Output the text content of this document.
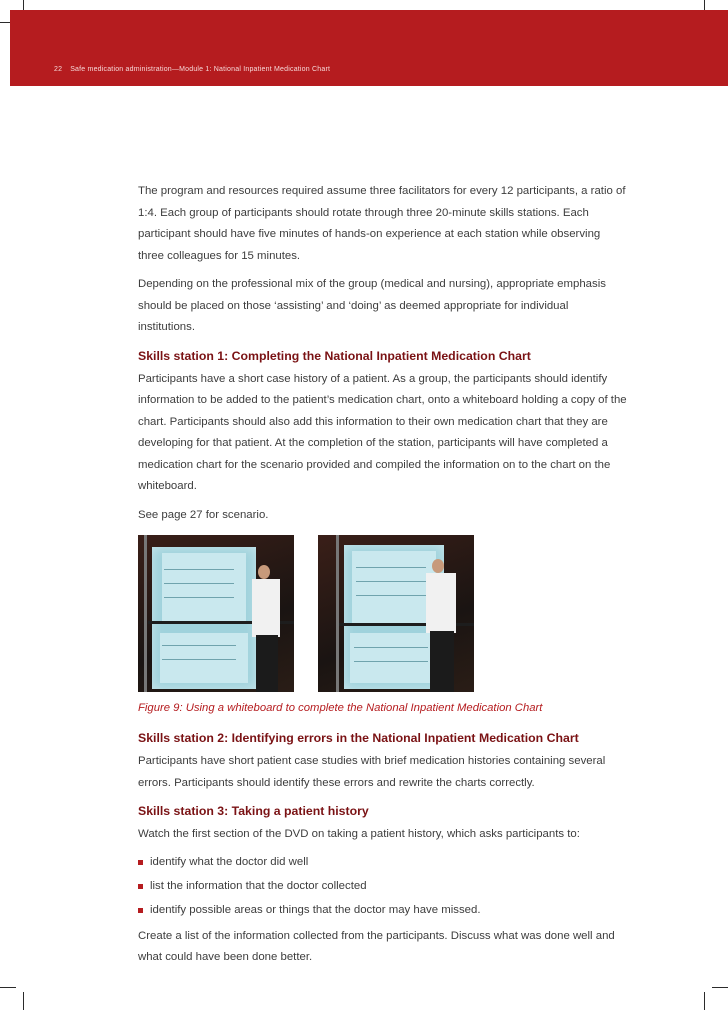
22 Safe medication administration—Module 1: National Inpatient Medication Chart

The program and resources required assume three facilitators for every 12 participants, a ratio of 1:4. Each group of participants should rotate through three 20-minute skills stations. Each participant should have five minutes of hands-on experience at each station while observing three colleagues for 15 minutes.

Depending on the professional mix of the group (medical and nursing), appropriate emphasis should be placed on those ‘assisting’ and ‘doing’ as deemed appropriate for individual institutions.

Skills station 1: Completing the National Inpatient Medication Chart

Participants have a short case history of a patient. As a group, the participants should identify information to be added to the patient’s medication chart, onto a whiteboard holding a copy of the chart. Participants should also add this information to their own medication chart that they are developing for that patient. At the completion of the station, participants will have completed a medication chart for the scenario provided and compiled the information on to the chart on the whiteboard.

See page 27 for scenario.

Figure 9: Using a whiteboard to complete the National Inpatient Medication Chart
Skills station 2: Identifying errors in the National Inpatient Medication Chart

Participants have short patient case studies with brief medication histories containing several errors. Participants should identify these errors and rewrite the charts correctly.

Skills station 3: Taking a patient history

Watch the first section of the DVD on taking a patient history, which asks participants to:

identify what the doctor did well
list the information that the doctor collected
identify possible areas or things that the doctor may have missed.

Create a list of the information collected from the participants. Discuss what was done well and what could have been done better.
